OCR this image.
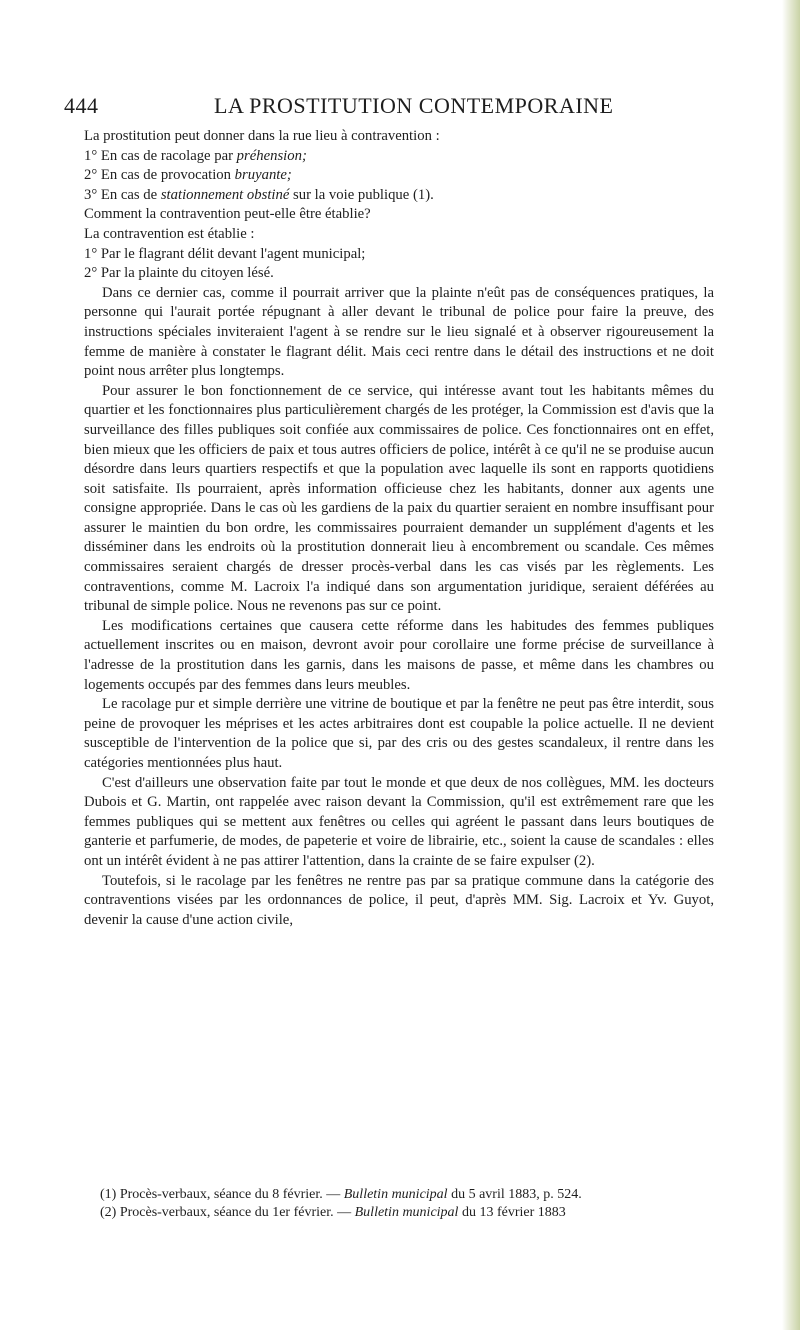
444	LA PROSTITUTION CONTEMPORAINE

La prostitution peut donner dans la rue lieu à contravention :

1° En cas de racolage par préhension;

2° En cas de provocation bruyante;

3° En cas de stationnement obstiné sur la voie publique (1).

Comment la contravention peut-elle être établie?

La contravention est établie :

1° Par le flagrant délit devant l'agent municipal;

2° Par la plainte du citoyen lésé.

Dans ce dernier cas, comme il pourrait arriver que la plainte n'eût pas de conséquences pratiques, la personne qui l'aurait portée répugnant à aller devant le tribunal de police pour faire la preuve, des instructions spéciales inviteraient l'agent à se rendre sur le lieu signalé et à observer rigoureusement la femme de manière à constater le flagrant délit. Mais ceci rentre dans le détail des instructions et ne doit point nous arrêter plus longtemps.

Pour assurer le bon fonctionnement de ce service, qui intéresse avant tout les habitants mêmes du quartier et les fonctionnaires plus particulièrement chargés de les protéger, la Commission est d'avis que la surveillance des filles publiques soit confiée aux commissaires de police. Ces fonctionnaires ont en effet, bien mieux que les officiers de paix et tous autres officiers de police, intérêt à ce qu'il ne se produise aucun désordre dans leurs quartiers respectifs et que la population avec laquelle ils sont en rapports quotidiens soit satisfaite. Ils pourraient, après information officieuse chez les habitants, donner aux agents une consigne appropriée. Dans le cas où les gardiens de la paix du quartier seraient en nombre insuffisant pour assurer le maintien du bon ordre, les commissaires pourraient demander un supplément d'agents et les disséminer dans les endroits où la prostitution donnerait lieu à encombrement ou scandale. Ces mêmes commissaires seraient chargés de dresser procès-verbal dans les cas visés par les règlements. Les contraventions, comme M. Lacroix l'a indiqué dans son argumentation juridique, seraient déférées au tribunal de simple police. Nous ne revenons pas sur ce point.

Les modifications certaines que causera cette réforme dans les habitudes des femmes publiques actuellement inscrites ou en maison, devront avoir pour corollaire une forme précise de surveillance à l'adresse de la prostitution dans les garnis, dans les maisons de passe, et même dans les chambres ou logements occupés par des femmes dans leurs meubles.

Le racolage pur et simple derrière une vitrine de boutique et par la fenêtre ne peut pas être interdit, sous peine de provoquer les méprises et les actes arbitraires dont est coupable la police actuelle. Il ne devient susceptible de l'intervention de la police que si, par des cris ou des gestes scandaleux, il rentre dans les catégories mentionnées plus haut.

C'est d'ailleurs une observation faite par tout le monde et que deux de nos collègues, MM. les docteurs Dubois et G. Martin, ont rappelée avec raison devant la Commission, qu'il est extrêmement rare que les femmes publiques qui se mettent aux fenêtres ou celles qui agréent le passant dans leurs boutiques de ganterie et parfumerie, de modes, de papeterie et voire de librairie, etc., soient la cause de scandales : elles ont un intérêt évident à ne pas attirer l'attention, dans la crainte de se faire expulser (2).

Toutefois, si le racolage par les fenêtres ne rentre pas par sa pratique commune dans la catégorie des contraventions visées par les ordonnances de police, il peut, d'après MM. Sig. Lacroix et Yv. Guyot, devenir la cause d'une action civile,

(1) Procès-verbaux, séance du 8 février. — Bulletin municipal du 5 avril 1883, p. 524.

(2) Procès-verbaux, séance du 1er février. — Bulletin municipal du 13 février 1883
